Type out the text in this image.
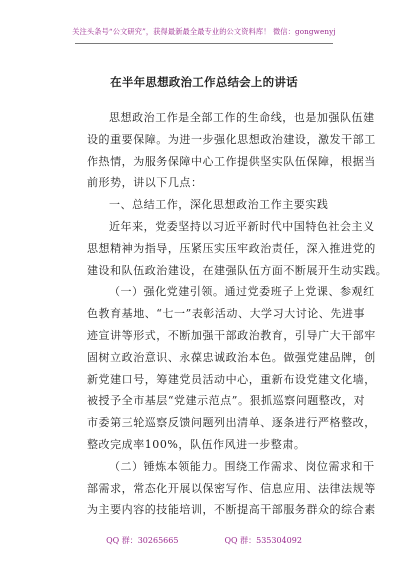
关注头条号“公文研究”，获得最新最全最专业的公文资料库！ 微信：gongwenyj
在半年思想政治工作总结会上的讲话
思想政治工作是全部工作的生命线，也是加强队伍建
设的重要保障。为进一步强化思想政治建设，激发干部工
作热情，为服务保障中心工作提供坚实队伍保障，根据当
前形势，讲以下几点：
一、总结工作，深化思想政治工作主要实践
近年来，党委坚持以习近平新时代中国特色社会主义
思想精神为指导，压紧压实压牢政治责任，深入推进党的
建设和队伍政治建设，在建强队伍方面不断展开生动实践。
（一）强化党建引领。通过党委班子上党课、参观红
色教育基地、“七一”表彰活动、大学习大讨论、先进事
迹宣讲等形式，不断加强干部政治教育，引导广大干部牢
固树立政治意识、永葆忠诚政治本色。做强党建品牌，创
新党建口号，筹建党员活动中心，重新布设党建文化墙，
被授予全市基层“党建示范点”。狠抓巡察问题整改，对
市委第三轮巡察反馈问题列出清单、逐条进行严格整改，
整改完成率100%，队伍作风进一步整肃。
（二）锤炼本领能力。围绕工作需求、岗位需求和干
部需求，常态化开展以保密写作、信息应用、法律法规等
为主要内容的技能培训，不断提高干部服务群众的综合素
QQ 群：30265665	QQ 群：535304092
